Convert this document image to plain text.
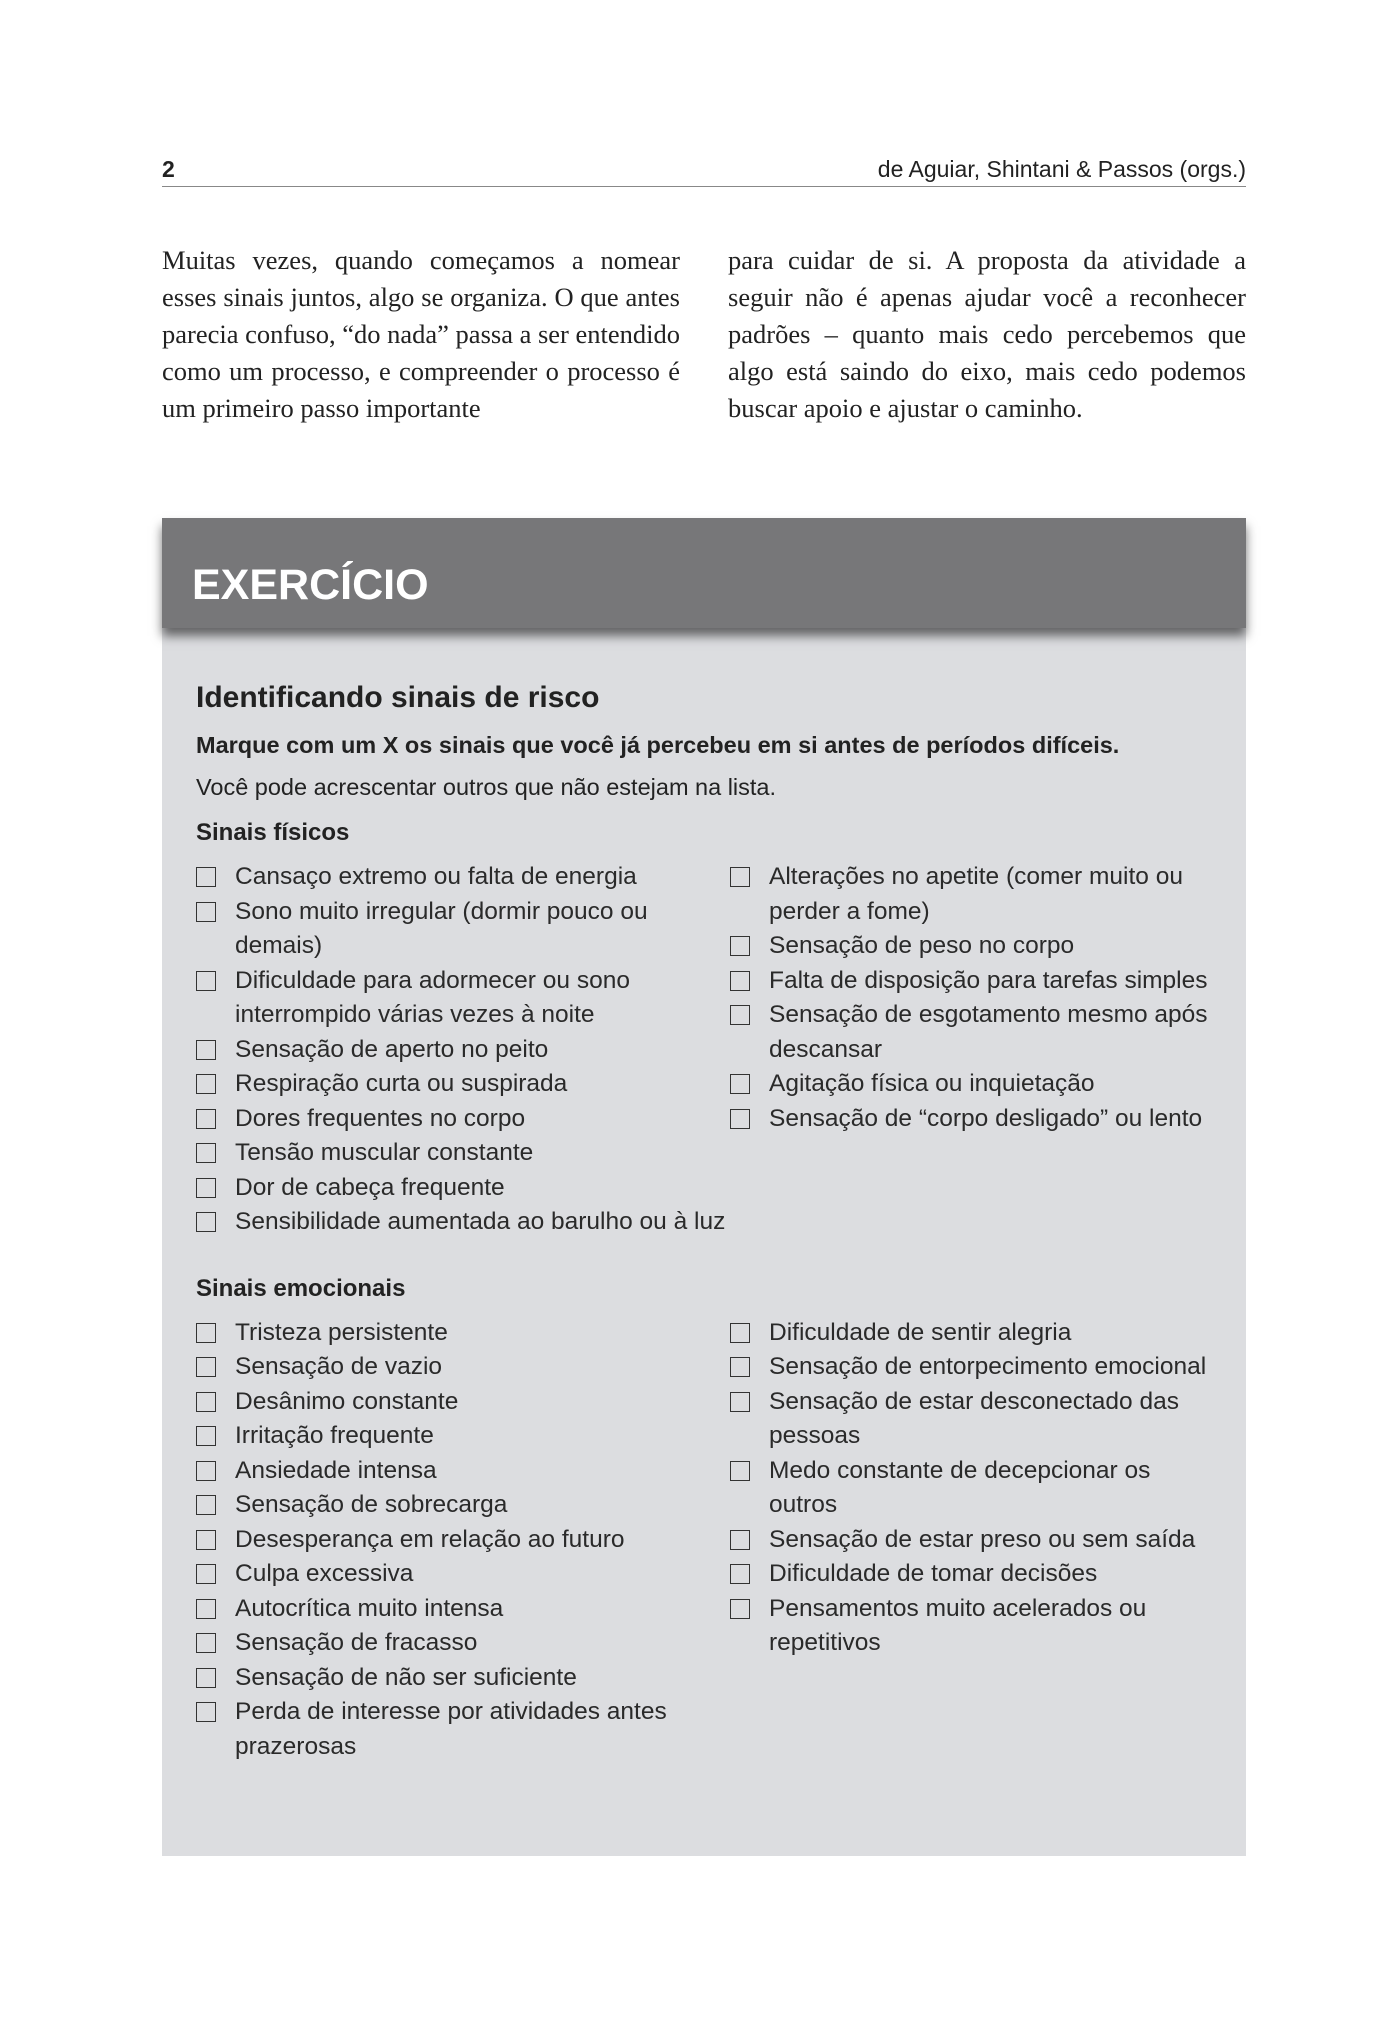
2	de Aguiar, Shintani & Passos (orgs.)

Muitas vezes, quando começamos a nomear esses sinais juntos, algo se organiza. O que antes parecia confuso, “do nada” passa a ser entendido como um processo, e compreender o processo é um primeiro passo importante

para cuidar de si. A proposta da atividade a seguir não é apenas ajudar você a reconhecer padrões – quanto mais cedo percebemos que algo está saindo do eixo, mais cedo podemos buscar apoio e ajustar o caminho.

EXERCÍCIO
Identificando sinais de risco

Marque com um X os sinais que você já percebeu em si antes de períodos difíceis.

Você pode acrescentar outros que não estejam na lista.

Sinais físicos
Cansaço extremo ou falta de energia
Sono muito irregular (dormir pouco ou demais)
Dificuldade para adormecer ou sono interrompido várias vezes à noite
Sensação de aperto no peito
Respiração curta ou suspirada
Dores frequentes no corpo
Tensão muscular constante
Dor de cabeça frequente
Sensibilidade aumentada ao barulho ou à luz
Alterações no apetite (comer muito ou perder a fome)
Sensação de peso no corpo
Falta de disposição para tarefas simples
Sensação de esgotamento mesmo após descansar
Agitação física ou inquietação
Sensação de “corpo desligado” ou lento
Sinais emocionais
Tristeza persistente
Sensação de vazio
Desânimo constante
Irritação frequente
Ansiedade intensa
Sensação de sobrecarga
Desesperança em relação ao futuro
Culpa excessiva
Autocrítica muito intensa
Sensação de fracasso
Sensação de não ser suficiente
Perda de interesse por atividades antes prazerosas
Dificuldade de sentir alegria
Sensação de entorpecimento emocional
Sensação de estar desconectado das pessoas
Medo constante de decepcionar os outros
Sensação de estar preso ou sem saída
Dificuldade de tomar decisões
Pensamentos muito acelerados ou repetitivos
